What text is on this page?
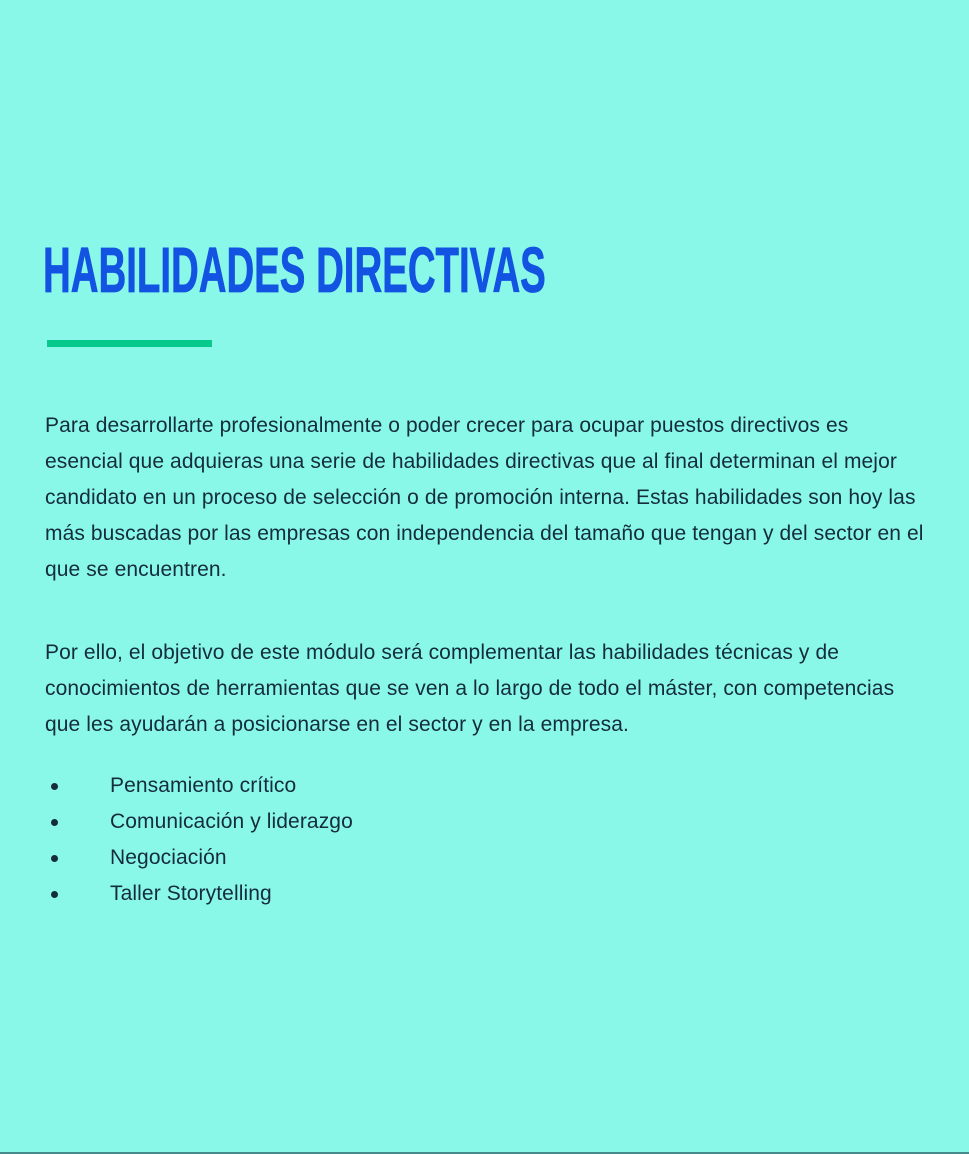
HABILIDADES DIRECTIVAS

Para desarrollarte profesionalmente o poder crecer para ocupar puestos directivos es esencial que adquieras una serie de habilidades directivas que al final determinan el mejor candidato en un proceso de selección o de promoción interna. Estas habilidades son hoy las más buscadas por las empresas con independencia del tamaño que tengan y del sector en el que se encuentren.

Por ello, el objetivo de este módulo será complementar las habilidades técnicas y de conocimientos de herramientas que se ven a lo largo de todo el máster, con competencias que les ayudarán a posicionarse en el sector y en la empresa.

Pensamiento crítico
Comunicación y liderazgo
Negociación
Taller Storytelling
